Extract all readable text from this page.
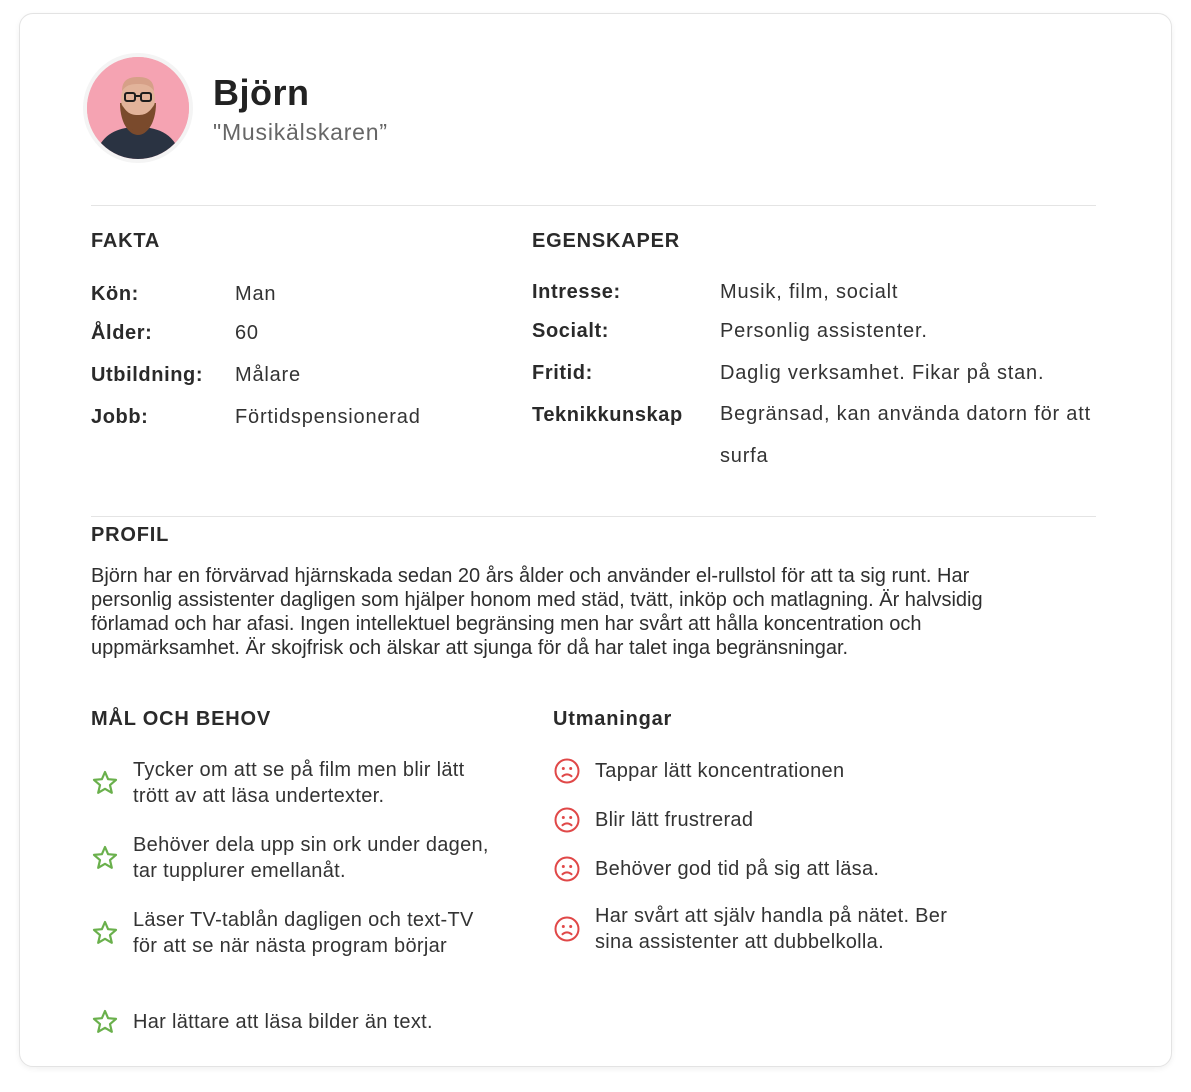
Björn
"Musikälskaren”
FAKTA
Kön:	Man
Ålder:	60
Utbildning: Målare
Jobb:	Förtidspensionerad
EGENSKAPER
Intresse:	Musik, film, socialt
Socialt:	Personlig assistenter.
Fritid:	Daglig verksamhet. Fikar på stan.
Teknikkunskap Begränsad, kan använda datorn för att surfa
PROFIL
Björn har en förvärvad hjärnskada sedan 20 års ålder och använder el-rullstol för att ta sig runt. Har personlig assistenter dagligen som hjälper honom med städ, tvätt, inköp och matlagning. Är halvsidig förlamad och har afasi. Ingen intellektuel begränsing men har svårt att hålla koncentration och uppmärksamhet. Är skojfrisk och älskar att sjunga för då har talet inga begränsningar.
MÅL OCH BEHOV
Tycker om att se på film men blir lätt trött av att läsa undertexter.
Behöver dela upp sin ork under dagen, tar tupplurer emellanåt.
Läser TV-tablån dagligen och text-TV för att se när nästa program börjar
Har lättare att läsa bilder än text.
Utmaningar
Tappar lätt koncentrationen
Blir lätt frustrerad
Behöver god tid på sig att läsa.
Har svårt att själv handla på nätet. Ber sina assistenter att dubbelkolla.
